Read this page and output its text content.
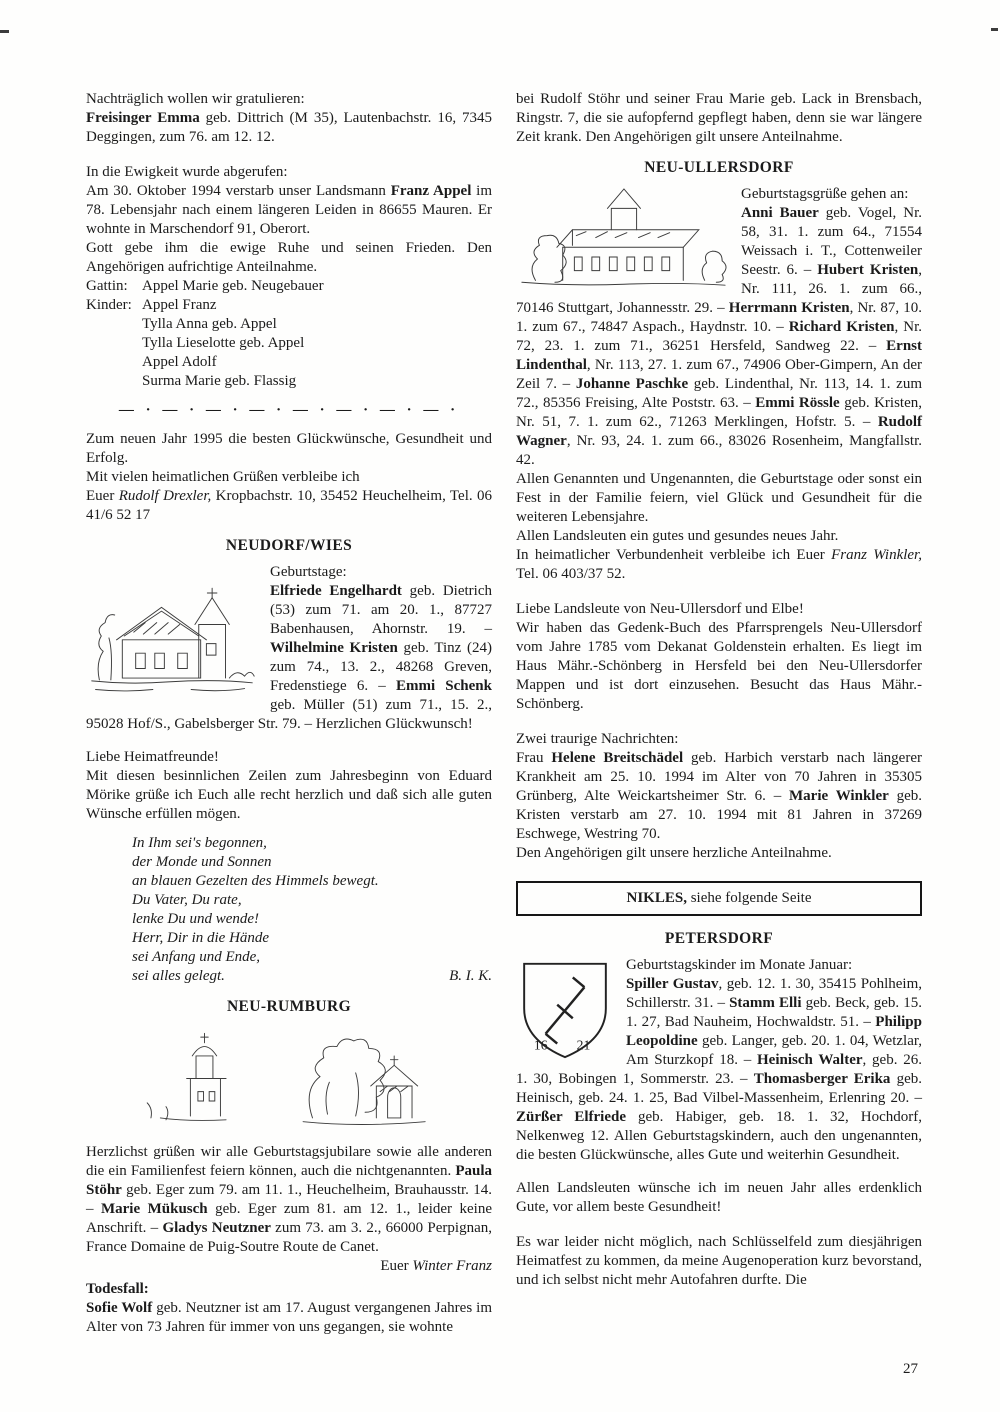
Nachträglich wollen wir gratulieren:

Freisinger Emma geb. Dittrich (M 35), Lautenbachstr. 16, 7345 Deggingen, zum 76. am 12. 12.

In die Ewigkeit wurde abgerufen:

Am 30. Oktober 1994 verstarb unser Landsmann Franz Appel im 78. Lebensjahr nach einem längeren Leiden in 86655 Mauren. Er wohnte in Marschendorf 91, Oberort.

Gott gebe ihm die ewige Ruhe und seinen Frieden. Den Angehörigen aufrichtige Anteilnahme.

Gattin: Appel Marie geb. Neugebauer
Kinder: Appel Franz
Tylla Anna geb. Appel
Tylla Lieselotte geb. Appel
Appel Adolf
Surma Marie geb. Flassig
— · — · — · — · — · — · — · — ·

Zum neuen Jahr 1995 die besten Glückwünsche, Gesundheit und Erfolg.

Mit vielen heimatlichen Grüßen verbleibe ich

Euer Rudolf Drexler, Kropbachstr. 10, 35452 Heuchelheim, Tel. 06 41/6 52 17

NEUDORF/WIES
Geburtstage:

Elfriede Engelhardt geb. Dietrich (53) zum 71. am 20. 1., 87727 Babenhausen, Ahornstr. 19. – Wilhelmine Kristen geb. Tinz (24) zum 74., 13. 2., 48268 Greven, Fredenstiege 6. – Emmi Schenk geb. Müller (51) zum 71., 15. 2., 95028 Hof/S., Gabelsberger Str. 79. – Herzlichen Glückwunsch!

Liebe Heimatfreunde!

Mit diesen besinnlichen Zeilen zum Jahresbeginn von Eduard Mörike grüße ich Euch alle recht herzlich und daß sich alle guten Wünsche erfüllen mögen.

In Ihm sei's begonnen,
der Monde und Sonnen
an blauen Gezelten des Himmels bewegt.
Du Vater, Du rate,
lenke Du und wende!
Herr, Dir in die Hände
sei Anfang und Ende,
sei alles gelegt.	B. I. K.
NEU-RUMBURG

Herzlichst grüßen wir alle Geburtstagsjubilare sowie alle anderen die ein Familienfest feiern können, auch die nichtgenannten. Paula Stöhr geb. Eger zum 79. am 11. 1., Heuchelheim, Brauhausstr. 14. – Marie Mükusch geb. Eger zum 81. am 12. 1., leider keine Anschrift. – Gladys Neutzner zum 73. am 3. 2., 66000 Perpignan, France Domaine de Puig-Soutre Route de Canet.

Euer Winter Franz
Todesfall:

Sofie Wolf geb. Neutzner ist am 17. August vergangenen Jahres im Alter von 73 Jahren für immer von uns gegangen, sie wohnte

bei Rudolf Stöhr und seiner Frau Marie geb. Lack in Brensbach, Ringstr. 7, die sie aufopfernd gepflegt haben, denn sie war längere Zeit krank. Den Angehörigen gilt unsere Anteilnahme.

NEU-ULLERSDORF
Geburtstagsgrüße gehen an:

Anni Bauer geb. Vogel, Nr. 58, 31. 1. zum 64., 71554 Weissach i. T., Cottenweiler Seestr. 6. – Hubert Kristen, Nr. 111, 26. 1. zum 66., 70146 Stuttgart, Johannesstr. 29. – Herrmann Kristen, Nr. 87, 10. 1. zum 67., 74847 Aspach., Haydnstr. 10. – Richard Kristen, Nr. 72, 23. 1. zum 71., 36251 Hersfeld, Sandweg 22. – Ernst Lindenthal, Nr. 113, 27. 1. zum 67., 74906 Ober-Gimpern, An der Zeil 7. – Johanne Paschke geb. Lindenthal, Nr. 113, 14. 1. zum 72., 85356 Freising, Alte Poststr. 63. – Emmi Rössle geb. Kristen, Nr. 51, 7. 1. zum 62., 71263 Merklingen, Hofstr. 5. – Rudolf Wagner, Nr. 93, 24. 1. zum 66., 83026 Rosenheim, Mangfallstr. 42.

Allen Genannten und Ungenannten, die Geburtstage oder sonst ein Fest in der Familie feiern, viel Glück und Gesundheit für die weiteren Lebensjahre.

Allen Landsleuten ein gutes und gesundes neues Jahr.

In heimatlicher Verbundenheit verbleibe ich Euer Franz Winkler, Tel. 06 403/37 52.

Liebe Landsleute von Neu-Ullersdorf und Elbe!

Wir haben das Gedenk-Buch des Pfarrsprengels Neu-Ullersdorf vom Jahre 1785 vom Dekanat Goldenstein erhalten. Es liegt im Haus Mähr.-Schönberg in Hersfeld bei den Neu-Ullersdorfer Mappen und ist dort einzusehen. Besucht das Haus Mähr.-Schönberg.

Zwei traurige Nachrichten:

Frau Helene Breitschädel geb. Harbich verstarb nach längerer Krankheit am 25. 10. 1994 im Alter von 70 Jahren in 35305 Grünberg, Alte Weickartsheimer Str. 6. – Marie Winkler geb. Kristen verstarb am 27. 10. 1994 mit 81 Jahren in 37269 Eschwege, Westring 70.

Den Angehörigen gilt unsere herzliche Anteilnahme.
NIKLES, siehe folgende Seite
PETERSDORF
16 21
Geburtstagskinder im Monate Januar:

Spiller Gustav, geb. 12. 1. 30, 35415 Pohlheim, Schillerstr. 31. – Stamm Elli geb. Beck, geb. 15. 1. 27, Bad Nauheim, Hochwaldstr. 51. – Philipp Leopoldine geb. Langer, geb. 20. 1. 04, Wetzlar, Am Sturzkopf 18. – Heinisch Walter, geb. 26. 1. 30, Bobingen 1, Sommerstr. 23. – Thomasberger Erika geb. Heinisch, geb. 24. 1. 25, Bad Vilbel-Massenheim, Erlenring 20. – Zürßer Elfriede geb. Habiger, geb. 18. 1. 32, Hochdorf, Nelkenweg 12. Allen Geburtstagskindern, auch den ungenannten, die besten Glückwünsche, alles Gute und weiterhin Gesundheit.

Allen Landsleuten wünsche ich im neuen Jahr alles erdenklich Gute, vor allem beste Gesundheit!

Es war leider nicht möglich, nach Schlüsselfeld zum diesjährigen Heimatfest zu kommen, da meine Augenoperation kurz bevorstand, und ich selbst nicht mehr Autofahren durfte. Die

27
